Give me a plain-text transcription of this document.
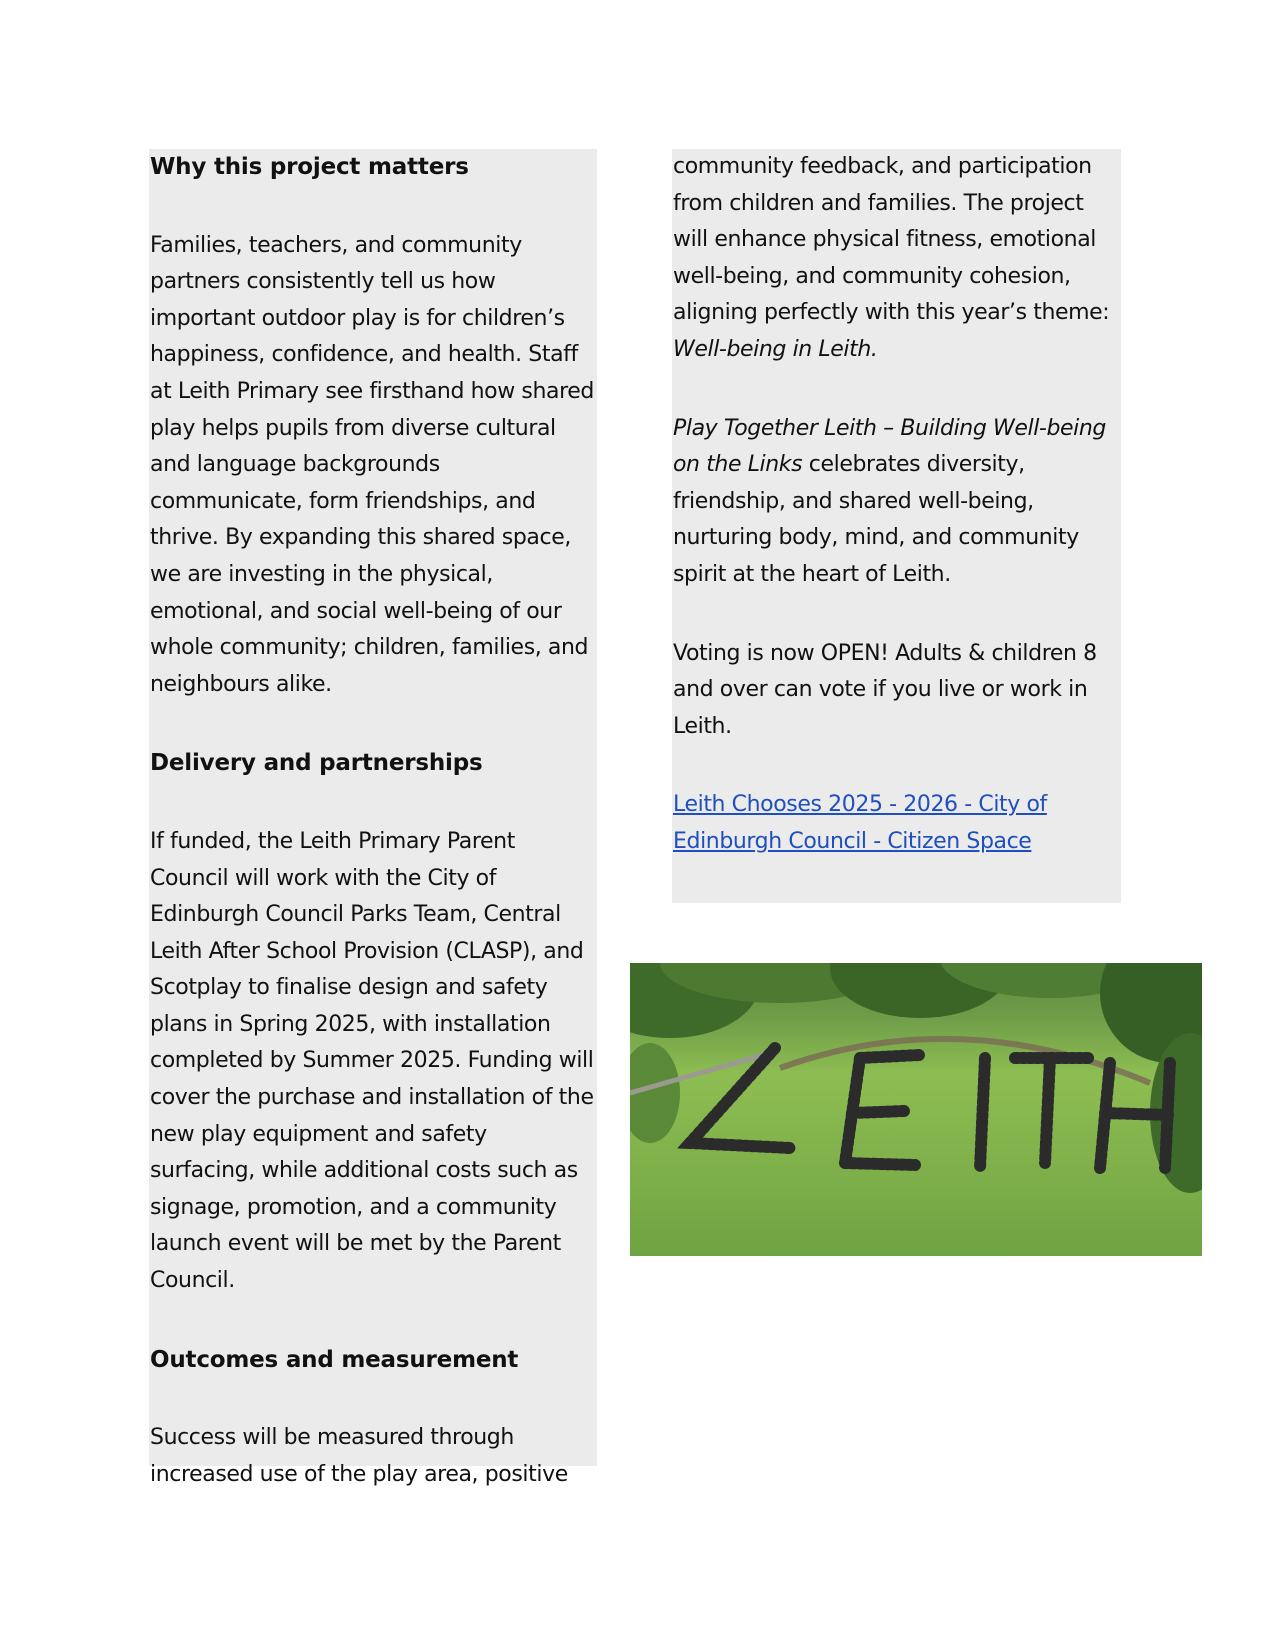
Why this project matters

Families, teachers, and community partners consistently tell us how important outdoor play is for children’s happiness, confidence, and health. Staff at Leith Primary see firsthand how shared play helps pupils from diverse cultural and language backgrounds communicate, form friendships, and thrive. By expanding this shared space, we are investing in the physical, emotional, and social well-being of our whole community; children, families, and neighbours alike.

Delivery and partnerships

If funded, the Leith Primary Parent Council will work with the City of Edinburgh Council Parks Team, Central Leith After School Provision (CLASP), and Scotplay to finalise design and safety plans in Spring 2025, with installation completed by Summer 2025. Funding will cover the purchase and installation of the new play equipment and safety surfacing, while additional costs such as signage, promotion, and a community launch event will be met by the Parent Council.

Outcomes and measurement

Success will be measured through increased use of the play area, positive

community feedback, and participation from children and families. The project will enhance physical fitness, emotional well-being, and community cohesion, aligning perfectly with this year’s theme: Well-being in Leith.

Play Together Leith – Building Well-being on the Links celebrates diversity, friendship, and shared well-being, nurturing body, mind, and community spirit at the heart of Leith.

Voting is now OPEN! Adults & children 8 and over can vote if you live or work in Leith.

Leith Chooses 2025 - 2026 - City of Edinburgh Council - Citizen Space
